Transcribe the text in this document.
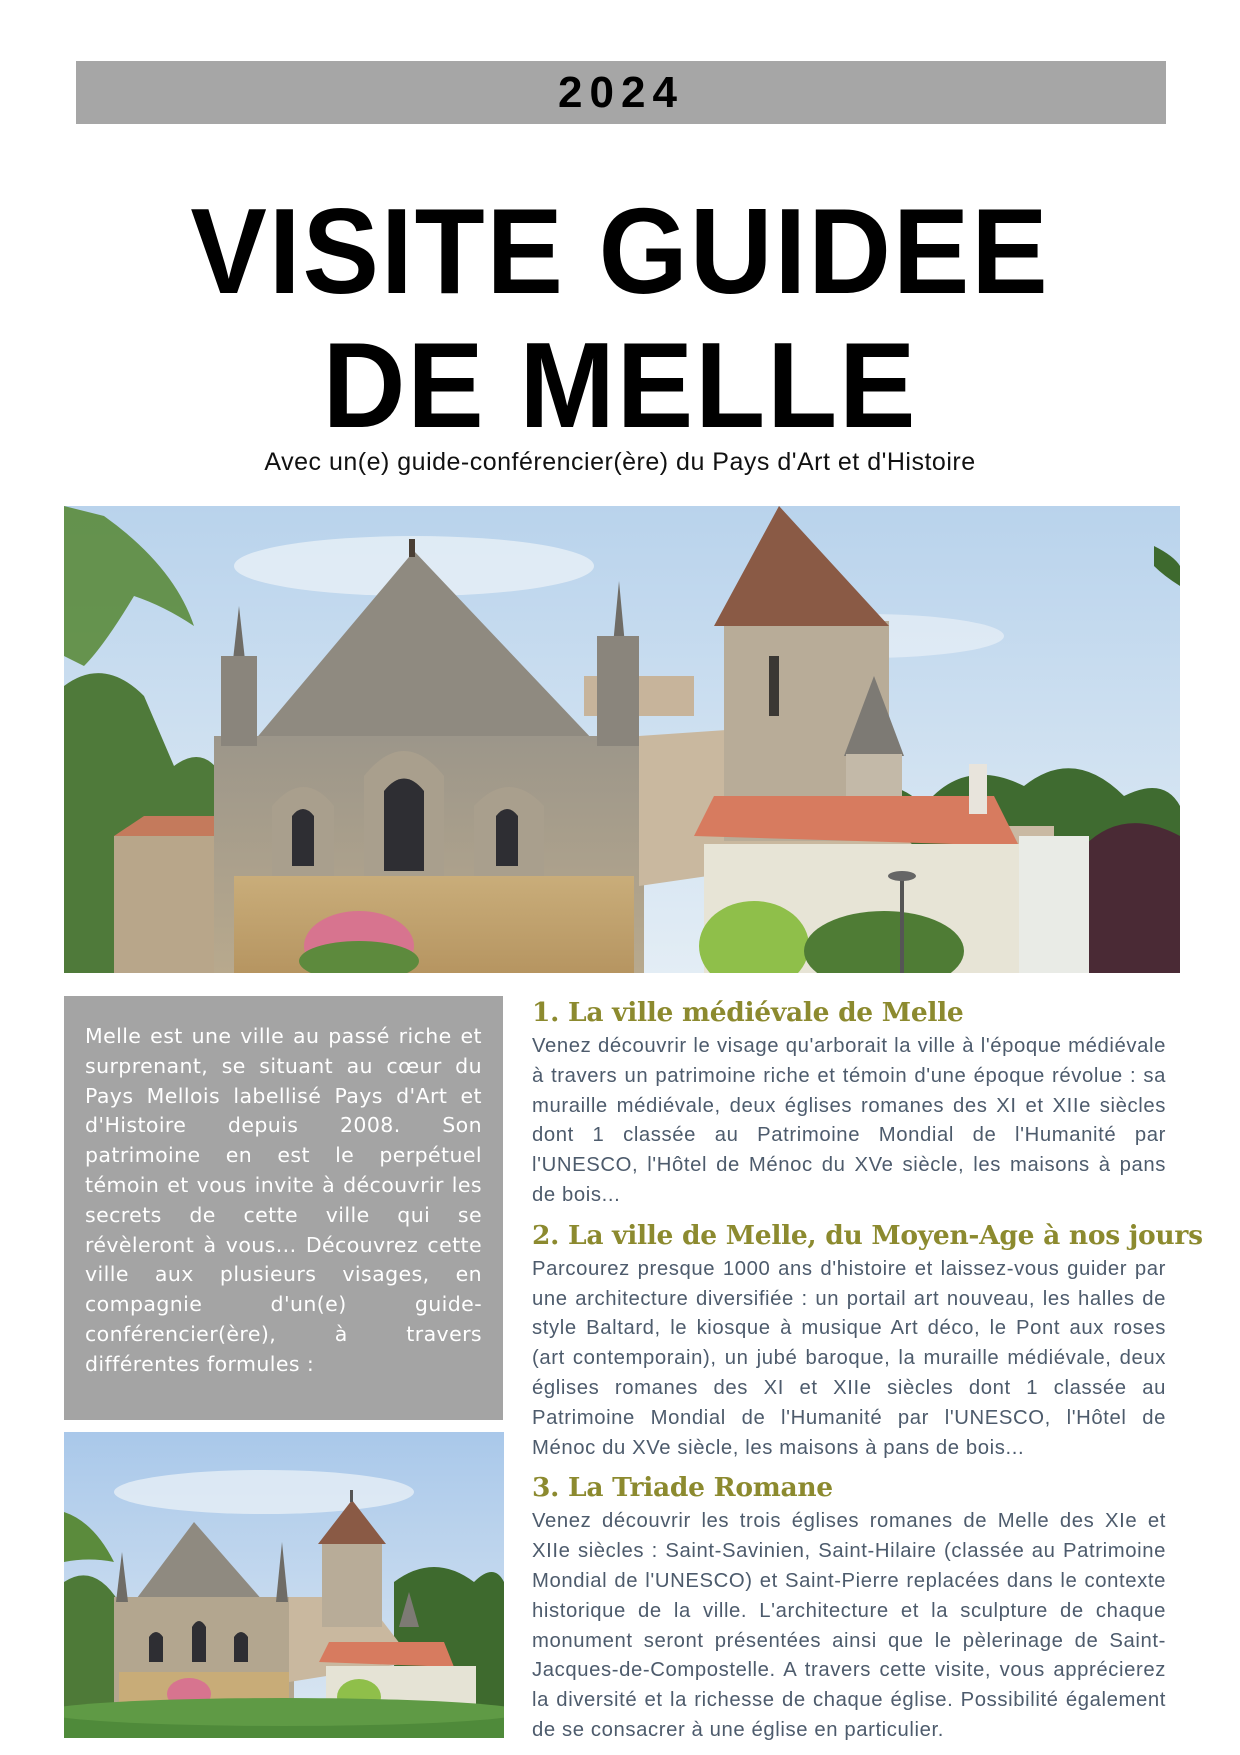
2024
VISITE GUIDEE
DE MELLE
Avec un(e) guide-conférencier(ère) du Pays d'Art et d'Histoire

Melle est une ville au passé riche et surprenant, se situant au cœur du Pays Mellois labellisé Pays d'Art et d'Histoire depuis 2008. Son patrimoine en est le perpétuel témoin et vous invite à découvrir les secrets de cette ville qui se révèleront à vous... Découvrez cette ville aux plusieurs visages, en compagnie d'un(e) guide-conférencier(ère), à travers différentes formules :

1. La ville médiévale de Melle

Venez découvrir le visage qu'arborait la ville à l'époque médiévale à travers un patrimoine riche et témoin d'une époque révolue : sa muraille médiévale, deux églises romanes des XI et XIIe siècles dont 1 classée au Patrimoine Mondial de l'Humanité par l'UNESCO, l'Hôtel de Ménoc du XVe siècle, les maisons à pans de bois...

2. La ville de Melle, du Moyen-Age à nos jours

Parcourez presque 1000 ans d'histoire et laissez-vous guider par une architecture diversifiée : un portail art nouveau, les halles de style Baltard, le kiosque à musique Art déco, le Pont aux roses (art contemporain), un jubé baroque, la muraille médiévale, deux églises romanes des XI et XIIe siècles dont 1 classée au Patrimoine Mondial de l'Humanité par l'UNESCO, l'Hôtel de Ménoc du XVe siècle, les maisons à pans de bois...

3. La Triade Romane

Venez découvrir les trois églises romanes de Melle des XIe et XIIe siècles : Saint-Savinien, Saint-Hilaire (classée au Patrimoine Mondial de l'UNESCO) et Saint-Pierre replacées dans le contexte historique de la ville. L'architecture et la sculpture de chaque monument seront présentées ainsi que le pèlerinage de Saint-Jacques-de-Compostelle. A travers cette visite, vous apprécierez la diversité et la richesse de chaque église. Possibilité également de se consacrer à une église en particulier.
